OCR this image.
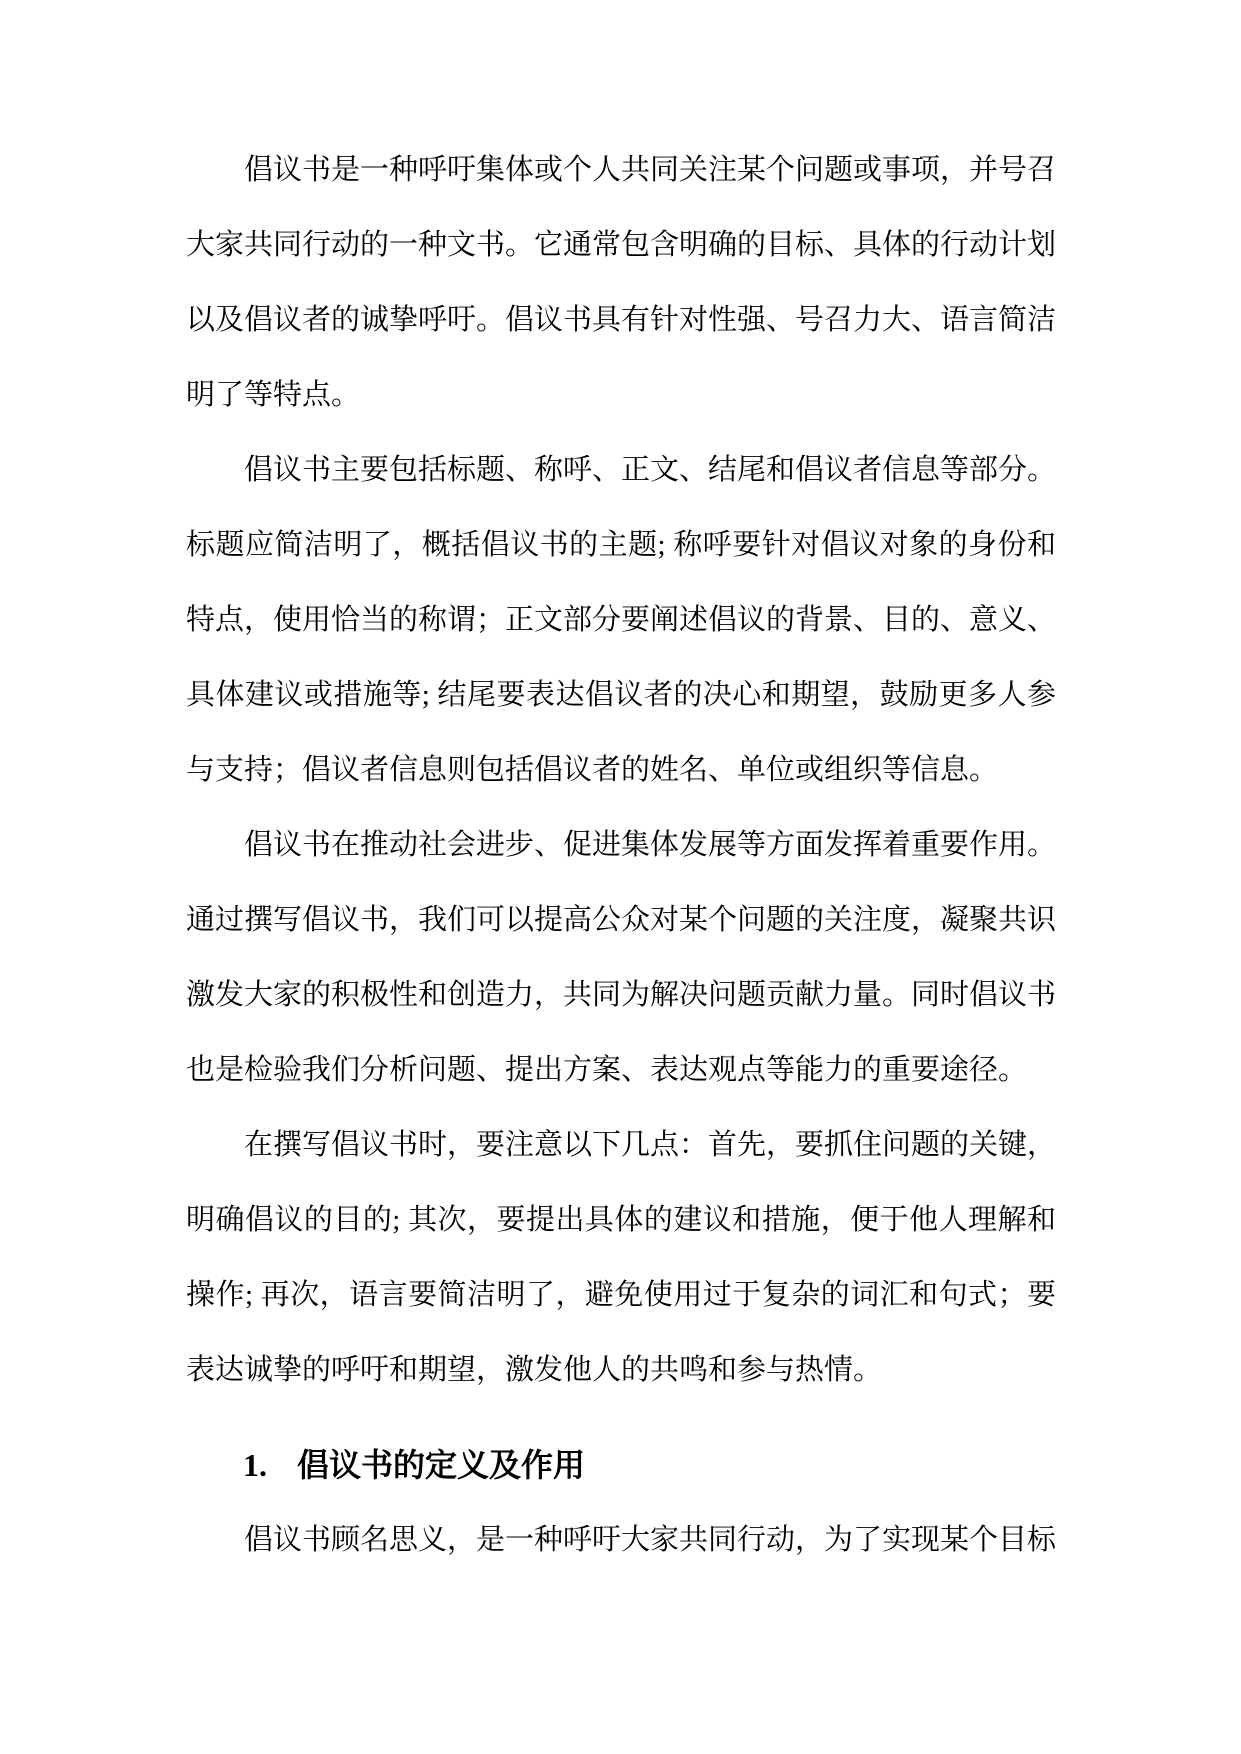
倡议书是一种呼吁集体或个人共同关注某个问题或事项，并号召大家共同行动的一种文书。它通常包含明确的目标、具体的行动计划以及倡议者的诚挚呼吁。倡议书具有针对性强、号召力大、语言简洁明了等特点。

倡议书主要包括标题、称呼、正文、结尾和倡议者信息等部分。标题应简洁明了，概括倡议书的主题; 称呼要针对倡议对象的身份和特点，使用恰当的称谓；正文部分要阐述倡议的背景、目的、意义、具体建议或措施等; 结尾要表达倡议者的决心和期望，鼓励更多人参与支持；倡议者信息则包括倡议者的姓名、单位或组织等信息。

倡议书在推动社会进步、促进集体发展等方面发挥着重要作用。通过撰写倡议书，我们可以提高公众对某个问题的关注度，凝聚共识激发大家的积极性和创造力，共同为解决问题贡献力量。同时倡议书也是检验我们分析问题、提出方案、表达观点等能力的重要途径。

在撰写倡议书时，要注意以下几点：首先，要抓住问题的关键，明确倡议的目的; 其次，要提出具体的建议和措施，便于他人理解和操作; 再次，语言要简洁明了，避免使用过于复杂的词汇和句式；要表达诚挚的呼吁和期望，激发他人的共鸣和参与热情。

1. 倡议书的定义及作用

倡议书顾名思义，是一种呼吁大家共同行动，为了实现某个目标
